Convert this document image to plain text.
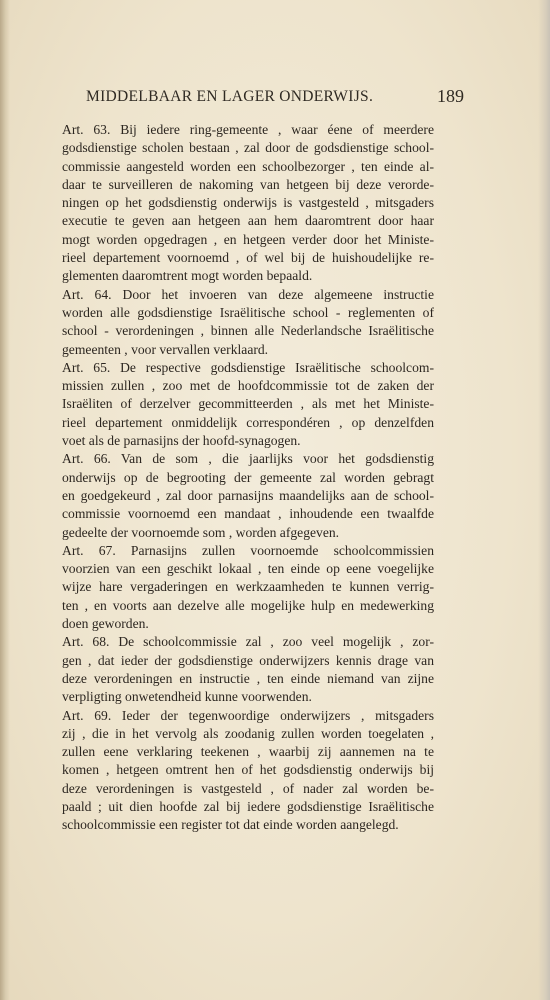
MIDDELBAAR EN LAGER ONDERWIJS.	189
Art. 63. Bij iedere ring-gemeente , waar éene of meerdere
godsdienstige scholen bestaan , zal door de godsdienstige school-
commissie aangesteld worden een schoolbezorger , ten einde al-
daar te surveilleren de nakoming van hetgeen bij deze verorde-
ningen op het godsdienstig onderwijs is vastgesteld , mitsgaders
executie te geven aan hetgeen aan hem daaromtrent door haar
mogt worden opgedragen , en hetgeen verder door het Ministe-
rieel departement voornoemd , of wel bij de huishoudelijke re-
glementen daaromtrent mogt worden bepaald.
Art. 64. Door het invoeren van deze algemeene instructie
worden alle godsdienstige Israëlitische school - reglementen of
school - verordeningen , binnen alle Nederlandsche Israëlitische
gemeenten , voor vervallen verklaard.
Art. 65. De respective godsdienstige Israëlitische schoolcom-
missien zullen , zoo met de hoofdcommissie tot de zaken der
Israëliten of derzelver gecommitteerden , als met het Ministe-
rieel departement onmiddelijk correspondéren , op denzelfden
voet als de parnasijns der hoofd-synagogen.
Art. 66. Van de som , die jaarlijks voor het godsdienstig
onderwijs op de begrooting der gemeente zal worden gebragt
en goedgekeurd , zal door parnasijns maandelijks aan de school-
commissie voornoemd een mandaat , inhoudende een twaalfde
gedeelte der voornoemde som , worden afgegeven.
Art. 67. Parnasijns zullen voornoemde schoolcommissien
voorzien van een geschikt lokaal , ten einde op eene voegelijke
wijze hare vergaderingen en werkzaamheden te kunnen verrig-
ten , en voorts aan dezelve alle mogelijke hulp en medewerking
doen geworden.
Art. 68. De schoolcommissie zal , zoo veel mogelijk , zor-
gen , dat ieder der godsdienstige onderwijzers kennis drage van
deze verordeningen en instructie , ten einde niemand van zijne
verpligting onwetendheid kunne voorwenden.
Art. 69. Ieder der tegenwoordige onderwijzers , mitsgaders
zij , die in het vervolg als zoodanig zullen worden toegelaten ,
zullen eene verklaring teekenen , waarbij zij aannemen na te
komen , hetgeen omtrent hen of het godsdienstig onderwijs bij
deze verordeningen is vastgesteld , of nader zal worden be-
paald ; uit dien hoofde zal bij iedere godsdienstige Israëlitische
schoolcommissie een register tot dat einde worden aangelegd.
